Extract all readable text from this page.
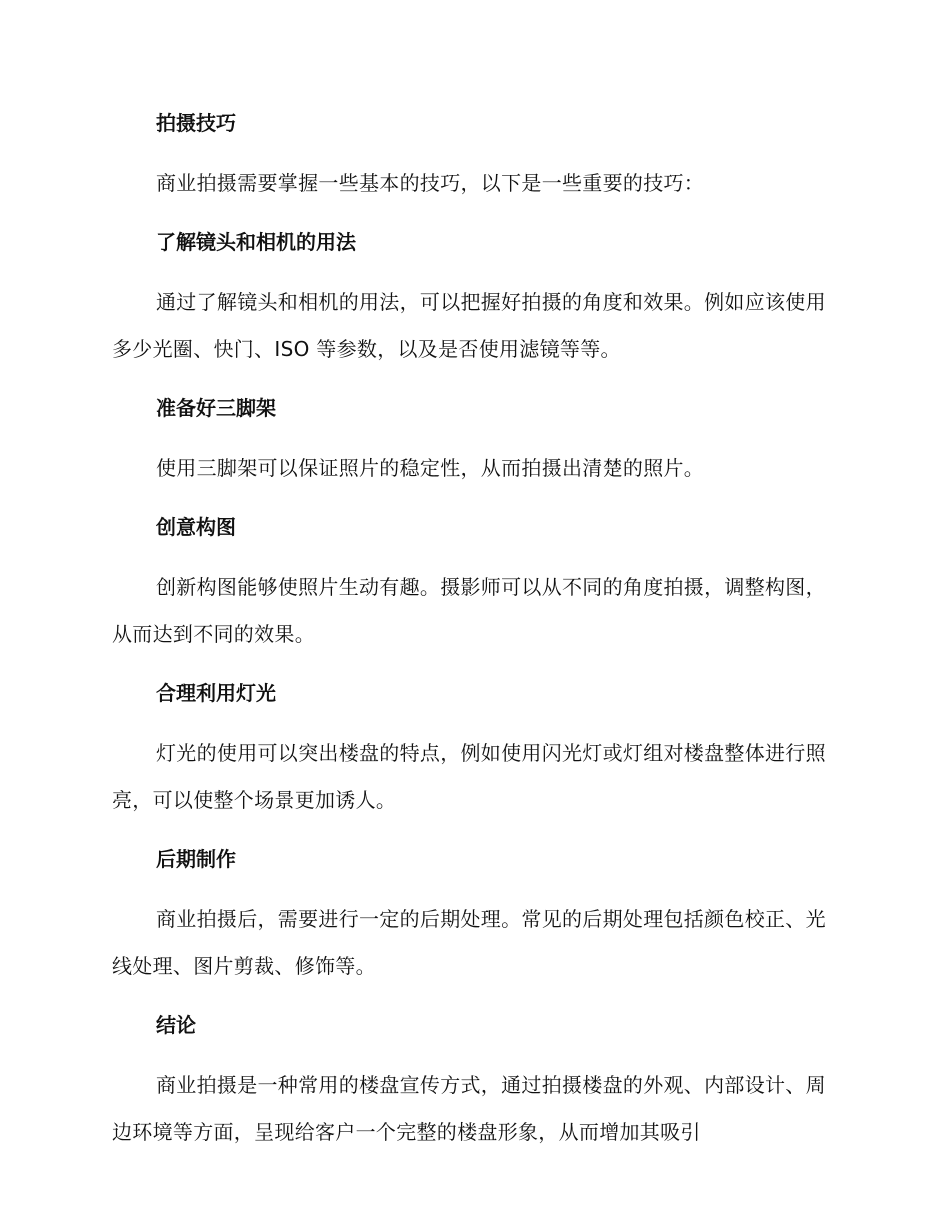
拍摄技巧

商业拍摄需要掌握一些基本的技巧，以下是一些重要的技巧：

了解镜头和相机的用法

通过了解镜头和相机的用法，可以把握好拍摄的角度和效果。例如应该使用多少光圈、快门、ISO 等参数，以及是否使用滤镜等等。

准备好三脚架

使用三脚架可以保证照片的稳定性，从而拍摄出清楚的照片。

创意构图

创新构图能够使照片生动有趣。摄影师可以从不同的角度拍摄，调整构图，从而达到不同的效果。

合理利用灯光

灯光的使用可以突出楼盘的特点，例如使用闪光灯或灯组对楼盘整体进行照亮，可以使整个场景更加诱人。

后期制作

商业拍摄后，需要进行一定的后期处理。常见的后期处理包括颜色校正、光线处理、图片剪裁、修饰等。

结论

商业拍摄是一种常用的楼盘宣传方式，通过拍摄楼盘的外观、内部设计、周边环境等方面，呈现给客户一个完整的楼盘形象，从而增加其吸引
